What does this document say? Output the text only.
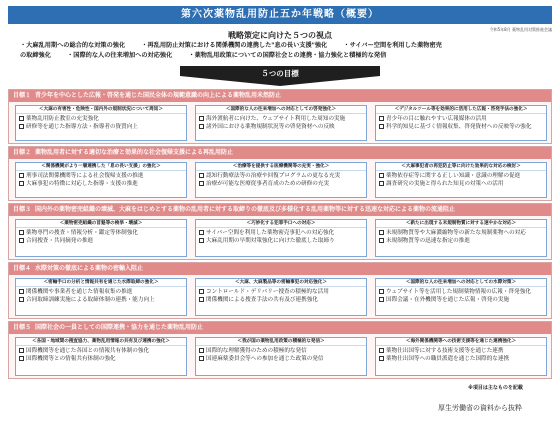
第六次薬物乱用防止五か年戦略（概要）
令和5年8月 薬物乱用対策推進会議
戦略策定に向けた５つの視点
・大麻乱用期への総合的な対策の強化	・再乱用防止対策における関係機関の連携した"息の長い支援"強化	・サイバー空間を利用した薬物密売
の取締強化	・国際的な人の往来増加への対応強化	・薬物乱用政策についての国際社会との連携・協力強化と積極的な発信
５つの目標
目標１ 青少年を中心とした広報・啓発を通じた国民全体の規範意識の向上による薬物乱用未然防止
＜大麻の有害性・危険性・国内外の規制状況について周知＞
薬物乱用防止教室の充実強化
研修等を通じた指導方法・指導者の資質向上
＜国際的な人の往来増加への対応としての啓発強化＞
海外渡航者に向けた、ウェブサイト利用した周知の実施
諸外国における薬物規制状況等の啓発資材への反映
＜デジタルツール等を効果的に活用した広報・啓発手法の強化＞
青少年の目に触れやすい広報媒体の活用
科学的知見に基づく情報収集、啓発資材への反映等の強化
目標２ 薬物乱用者に対する適切な治療と効果的な社会復帰支援による再乱用防止
＜関係機関がより一層連携した「息の長い支援」の強化＞
刑事司法関係機関等による社会復帰支援の推進
大麻事犯の特徴に対応した指導・支援の推進
＜治療等を提供する医療機関等の充実・強化＞
認知行動療法等の治療や回復プログラムの更なる充実
治療が可能な医療従事者育成のための研修の充実
＜大麻事犯者の再犯防止等に向けた効果的な対応の検討＞
薬物依存症等に関する正しい知識・意識の理解の促進
調査研究の実施と得られた知見の対策への活用
目標３ 国内外の薬物密売組織の壊滅、大麻をはじめとする薬物の乱用者に対する取締りの徹底及び多様化する乱用薬物等に対する迅速な対応による薬物の流通阻止
＜薬物密売組織の首魁等の検挙・壊滅＞
薬物専門の捜査・情報分析・鑑定等体制強化
合同捜査・共同摘発の推進
＜巧妙化する犯罪手口への対応＞
サイバー空間を利用した薬物密売事犯への対応強化
大麻乱用期の早期対策強化に向けた徹底した取締り
＜新たに出現する未規制物質に対する速やかな対応＞
未規制物質等や大麻濃縮物等の新たな規制薬物への対応
未規制物質等の迅速な指定の推進
目標４ 水際対策の徹底による薬物の密輸入阻止
＜密輸手口の分析と情報共有を通じた水際取締の強化＞
関係機関や事業者を通じた情報収集の推進
合同取締訓練実施による取締体制の連携・能力向上
＜大麻、大麻製品等の密輸事犯の対応強化＞
コントロールド・デリバリー捜査の積極的な活用
関係機関による捜査手法の共有及び連携強化
＜国際的な人の往来増加への対応としての水際対策＞
ウェブサイト等を活用した規制薬物情報の広報・啓発強化
国際会議・在外機関等を通じた広報・啓発の実施
目標５ 国際社会の一員としての国際連携・協力を通じた薬物乱用防止
＜各国・地域間の捜査協力、薬物乱用情報の共有及び連携の強化＞
国際機関等を通じた各国との情報共有体制の強化
国際機関等との情報共有体制の強化
＜我が国の薬物乱用政策の積極的な発信＞
国際的な理解獲得のための積極的な発信
国連麻薬委員会等への参加を通じた政策の発信
＜海外関係機関等への技術支援等を通じた連携強化＞
薬物仕出国等に対する技術支援等を通じた連携
薬物仕出国等への職員派遣を通じた国際的な連携
※項目は主なものを記載
厚生労働省の資料から抜粋
